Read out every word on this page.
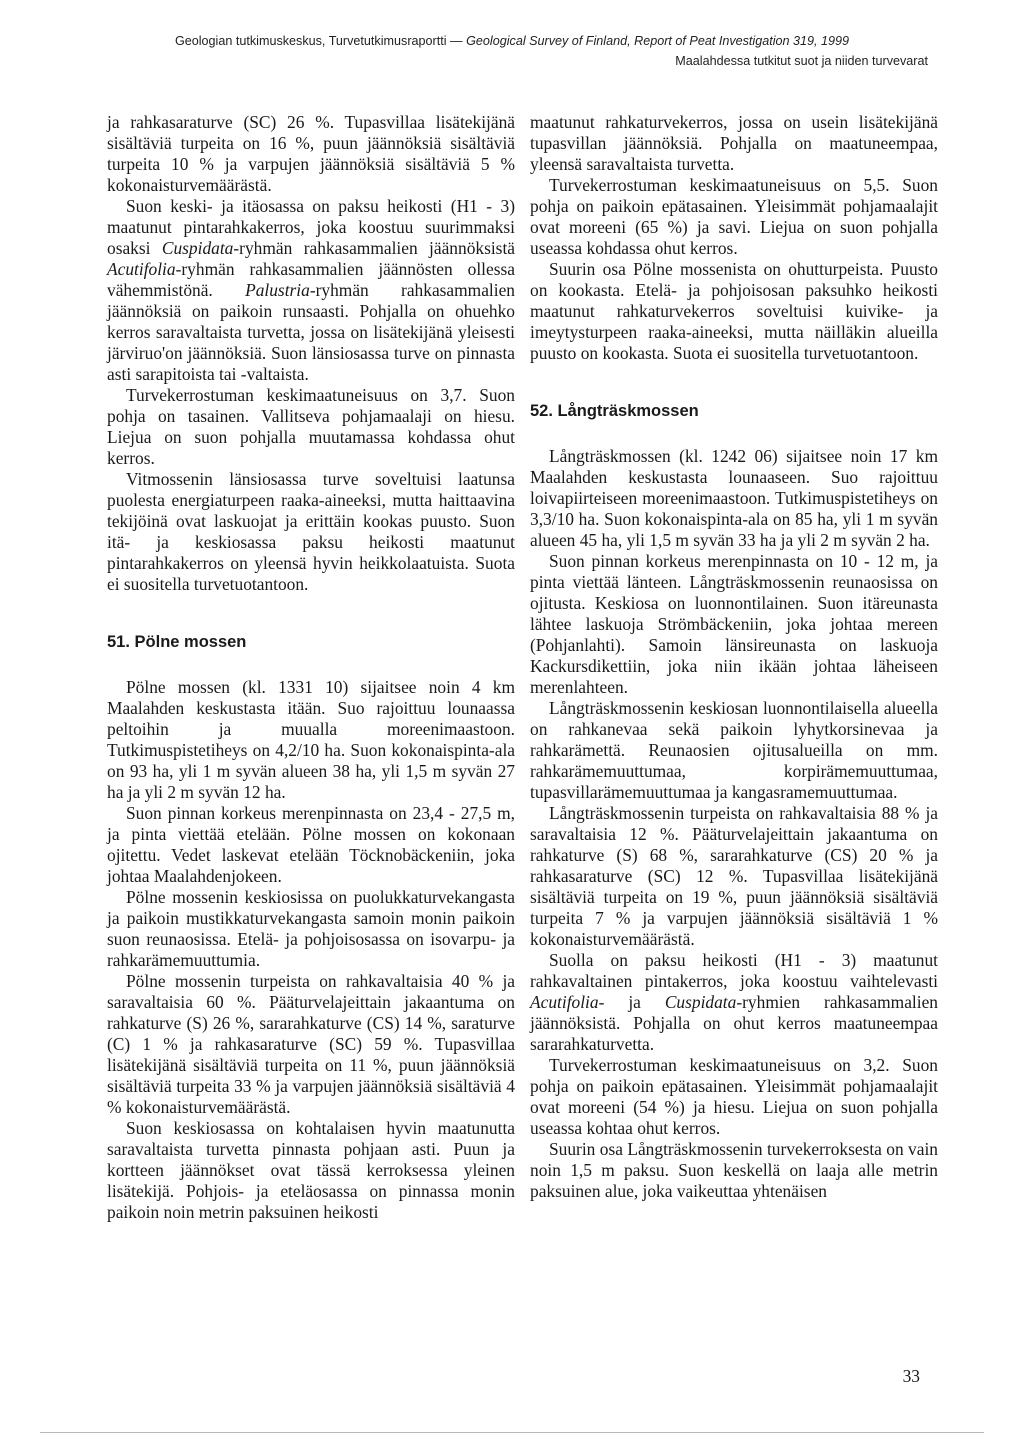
Geologian tutkimuskeskus, Turvetutkimusraportti — Geological Survey of Finland, Report of Peat Investigation 319, 1999
Maalahdessa tutkitut suot ja niiden turvevarat

ja rahkasaraturve (SC) 26 %. Tupasvillaa lisätekijänä sisältäviä turpeita on 16 %, puun jäännöksiä sisältäviä turpeita 10 % ja varpujen jäännöksiä sisältäviä 5 % kokonaisturvemäärästä.

Suon keski- ja itäosassa on paksu heikosti (H1 - 3) maatunut pintarahkakerros, joka koostuu suurimmaksi osaksi Cuspidata-ryhmän rahkasammalien jäännöksistä Acutifolia-ryhmän rahkasammalien jäännösten ollessa vähemmistönä. Palustria-ryhmän rahkasammalien jäännöksiä on paikoin runsaasti. Pohjalla on ohuehko kerros saravaltaista turvetta, jossa on lisätekijänä yleisesti järviruo'on jäännöksiä. Suon länsiosassa turve on pinnasta asti sarapitoista tai -valtaista.

Turvekerrostuman keskimaatuneisuus on 3,7. Suon pohja on tasainen. Vallitseva pohjamaalaji on hiesu. Liejua on suon pohjalla muutamassa kohdassa ohut kerros.

Vitmossenin länsiosassa turve soveltuisi laatunsa puolesta energiaturpeen raaka-aineeksi, mutta haittaavina tekijöinä ovat laskuojat ja erittäin kookas puusto. Suon itä- ja keskiosassa paksu heikosti maatunut pintarahkakerros on yleensä hyvin heikkolaatuista. Suota ei suositella turvetuotantoon.

51. Pölne mossen

Pölne mossen (kl. 1331 10) sijaitsee noin 4 km Maalahden keskustasta itään. Suo rajoittuu lounaassa peltoihin ja muualla moreenimaastoon. Tutkimuspistetiheys on 4,2/10 ha. Suon kokonaispinta-ala on 93 ha, yli 1 m syvän alueen 38 ha, yli 1,5 m syvän 27 ha ja yli 2 m syvän 12 ha.

Suon pinnan korkeus merenpinnasta on 23,4 - 27,5 m, ja pinta viettää etelään. Pölne mossen on kokonaan ojitettu. Vedet laskevat etelään Töcknobäckeniin, joka johtaa Maalahdenjokeen.

Pölne mossenin keskiosissa on puolukkaturvekangasta ja paikoin mustikkaturvekangasta samoin monin paikoin suon reunaosissa. Etelä- ja pohjoisosassa on isovarpu- ja rahkarämemuuttumia.

Pölne mossenin turpeista on rahkavaltaisia 40 % ja saravaltaisia 60 %. Pääturvelajeittain jakaantuma on rahkaturve (S) 26 %, sararahkaturve (CS) 14 %, saraturve (C) 1 % ja rahkasaraturve (SC) 59 %. Tupasvillaa lisätekijänä sisältäviä turpeita on 11 %, puun jäännöksiä sisältäviä turpeita 33 % ja varpujen jäännöksiä sisältäviä 4 % kokonaisturvemäärästä.

Suon keskiosassa on kohtalaisen hyvin maatunutta saravaltaista turvetta pinnasta pohjaan asti. Puun ja kortteen jäännökset ovat tässä kerroksessa yleinen lisätekijä. Pohjois- ja eteläosassa on pinnassa monin paikoin noin metrin paksuinen heikosti

maatunut rahkaturvekerros, jossa on usein lisätekijänä tupasvillan jäännöksiä. Pohjalla on maatuneempaa, yleensä saravaltaista turvetta.

Turvekerrostuman keskimaatuneisuus on 5,5. Suon pohja on paikoin epätasainen. Yleisimmät pohjamaalajit ovat moreeni (65 %) ja savi. Liejua on suon pohjalla useassa kohdassa ohut kerros.

Suurin osa Pölne mossenista on ohutturpeista. Puusto on kookasta. Etelä- ja pohjoisosan paksuhko heikosti maatunut rahkaturvekerros soveltuisi kuivike- ja imeytysturpeen raaka-aineeksi, mutta näilläkin alueilla puusto on kookasta. Suota ei suositella turvetuotantoon.

52. Långträskmossen

Långträskmossen (kl. 1242 06) sijaitsee noin 17 km Maalahden keskustasta lounaaseen. Suo rajoittuu loivapiirteiseen moreenimaastoon. Tutkimuspistetiheys on 3,3/10 ha. Suon kokonaispinta-ala on 85 ha, yli 1 m syvän alueen 45 ha, yli 1,5 m syvän 33 ha ja yli 2 m syvän 2 ha.

Suon pinnan korkeus merenpinnasta on 10 - 12 m, ja pinta viettää länteen. Långträskmossenin reunaosissa on ojitusta. Keskiosa on luonnontilainen. Suon itäreunasta lähtee laskuoja Strömbäckeniin, joka johtaa mereen (Pohjanlahti). Samoin länsireunasta on laskuoja Kackursdikettiin, joka niin ikään johtaa läheiseen merenlahteen.

Långträskmossenin keskiosan luonnontilaisella alueella on rahkanevaa sekä paikoin lyhytkorsinevaa ja rahkarämettä. Reunaosien ojitusalueilla on mm. rahkarämemuuttumaa, korpirämemuuttumaa, tupasvillarämemuuttumaa ja kangasramemuuttumaa.

Långträskmossenin turpeista on rahkavaltaisia 88 % ja saravaltaisia 12 %. Pääturvelajeittain jakaantuma on rahkaturve (S) 68 %, sararahkaturve (CS) 20 % ja rahkasaraturve (SC) 12 %. Tupasvillaa lisätekijänä sisältäviä turpeita on 19 %, puun jäännöksiä sisältäviä turpeita 7 % ja varpujen jäännöksiä sisältäviä 1 % kokonaisturvemäärästä.

Suolla on paksu heikosti (H1 - 3) maatunut rahkavaltainen pintakerros, joka koostuu vaihtelevasti Acutifolia- ja Cuspidata-ryhmien rahkasammalien jäännöksistä. Pohjalla on ohut kerros maatuneempaa sararahkaturvetta.

Turvekerrostuman keskimaatuneisuus on 3,2. Suon pohja on paikoin epätasainen. Yleisimmät pohjamaalajit ovat moreeni (54 %) ja hiesu. Liejua on suon pohjalla useassa kohtaa ohut kerros.

Suurin osa Långträskmossenin turvekerroksesta on vain noin 1,5 m paksu. Suon keskellä on laaja alle metrin paksuinen alue, joka vaikeuttaa yhtenäisen

33
